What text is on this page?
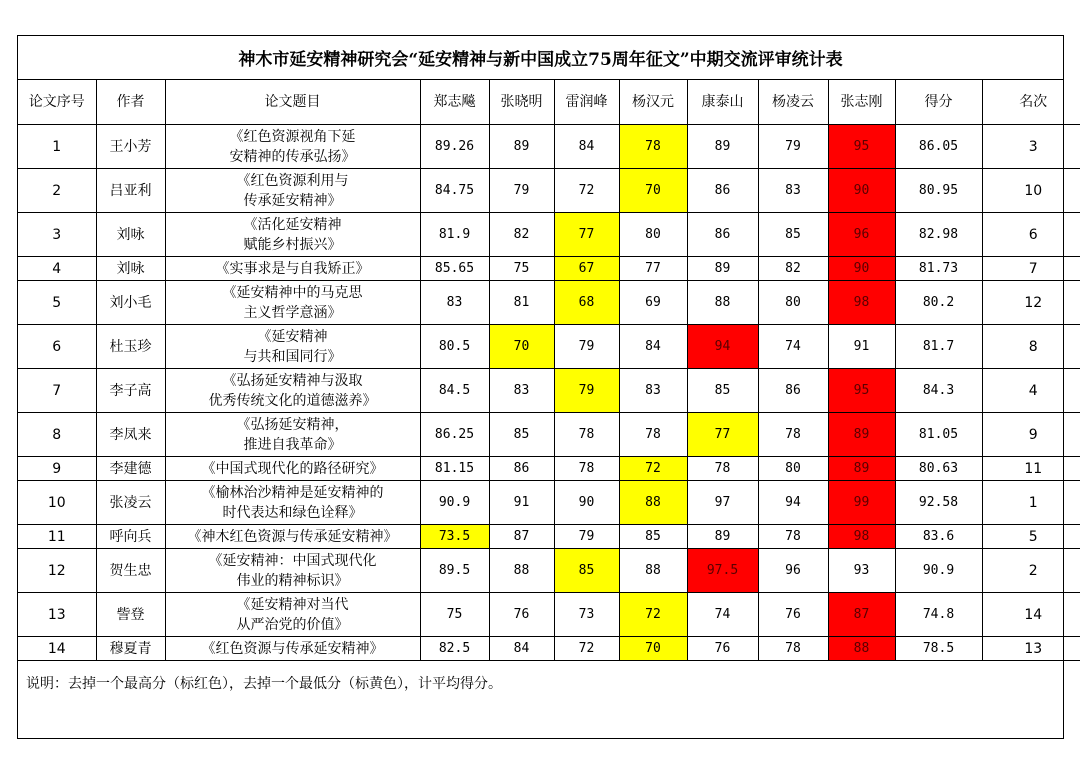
神木市延安精神研究会“延安精神与新中国成立75周年征文”中期交流评审统计表
论文序号	作者	论文题目	郑志飚	张晓明	雷润峰	杨汉元	康泰山	杨凌云	张志刚	得分	名次
1	王小芳	《红色资源视角下延
安精神的传承弘扬》	89.26	89	84	78	89	79	95	86.05	3
2	吕亚利	《红色资源利用与
传承延安精神》	84.75	79	72	70	86	83	90	80.95	10
3	刘咏	《活化延安精神
赋能乡村振兴》	81.9	82	77	80	86	85	96	82.98	6
4	刘咏	《实事求是与自我矫正》	85.65	75	67	77	89	82	90	81.73	7
5	刘小毛	《延安精神中的马克思
主义哲学意涵》	83	81	68	69	88	80	98	80.2	12
6	杜玉珍	《延安精神
与共和国同行》	80.5	70	79	84	94	74	91	81.7	8
7	李子高	《弘扬延安精神与汲取
优秀传统文化的道德滋养》	84.5	83	79	83	85	86	95	84.3	4
8	李凤来	《弘扬延安精神，
推进自我革命》	86.25	85	78	78	77	78	89	81.05	9
9	李建德	《中国式现代化的路径研究》	81.15	86	78	72	78	80	89	80.63	11
10	张凌云	《榆林治沙精神是延安精神的
时代表达和绿色诠释》	90.9	91	90	88	97	94	99	92.58	1
11	呼向兵	《神木红色资源与传承延安精神》	73.5	87	79	85	89	78	98	83.6	5
12	贺生忠	《延安精神：中国式现代化
伟业的精神标识》	89.5	88	85	88	97.5	96	93	90.9	2
13	訾登	《延安精神对当代
从严治党的价值》	75	76	73	72	74	76	87	74.8	14
14	穆夏青	《红色资源与传承延安精神》	82.5	84	72	70	76	78	88	78.5	13
说明：去掉一个最高分（标红色），去掉一个最低分（标黄色），计平均得分。
